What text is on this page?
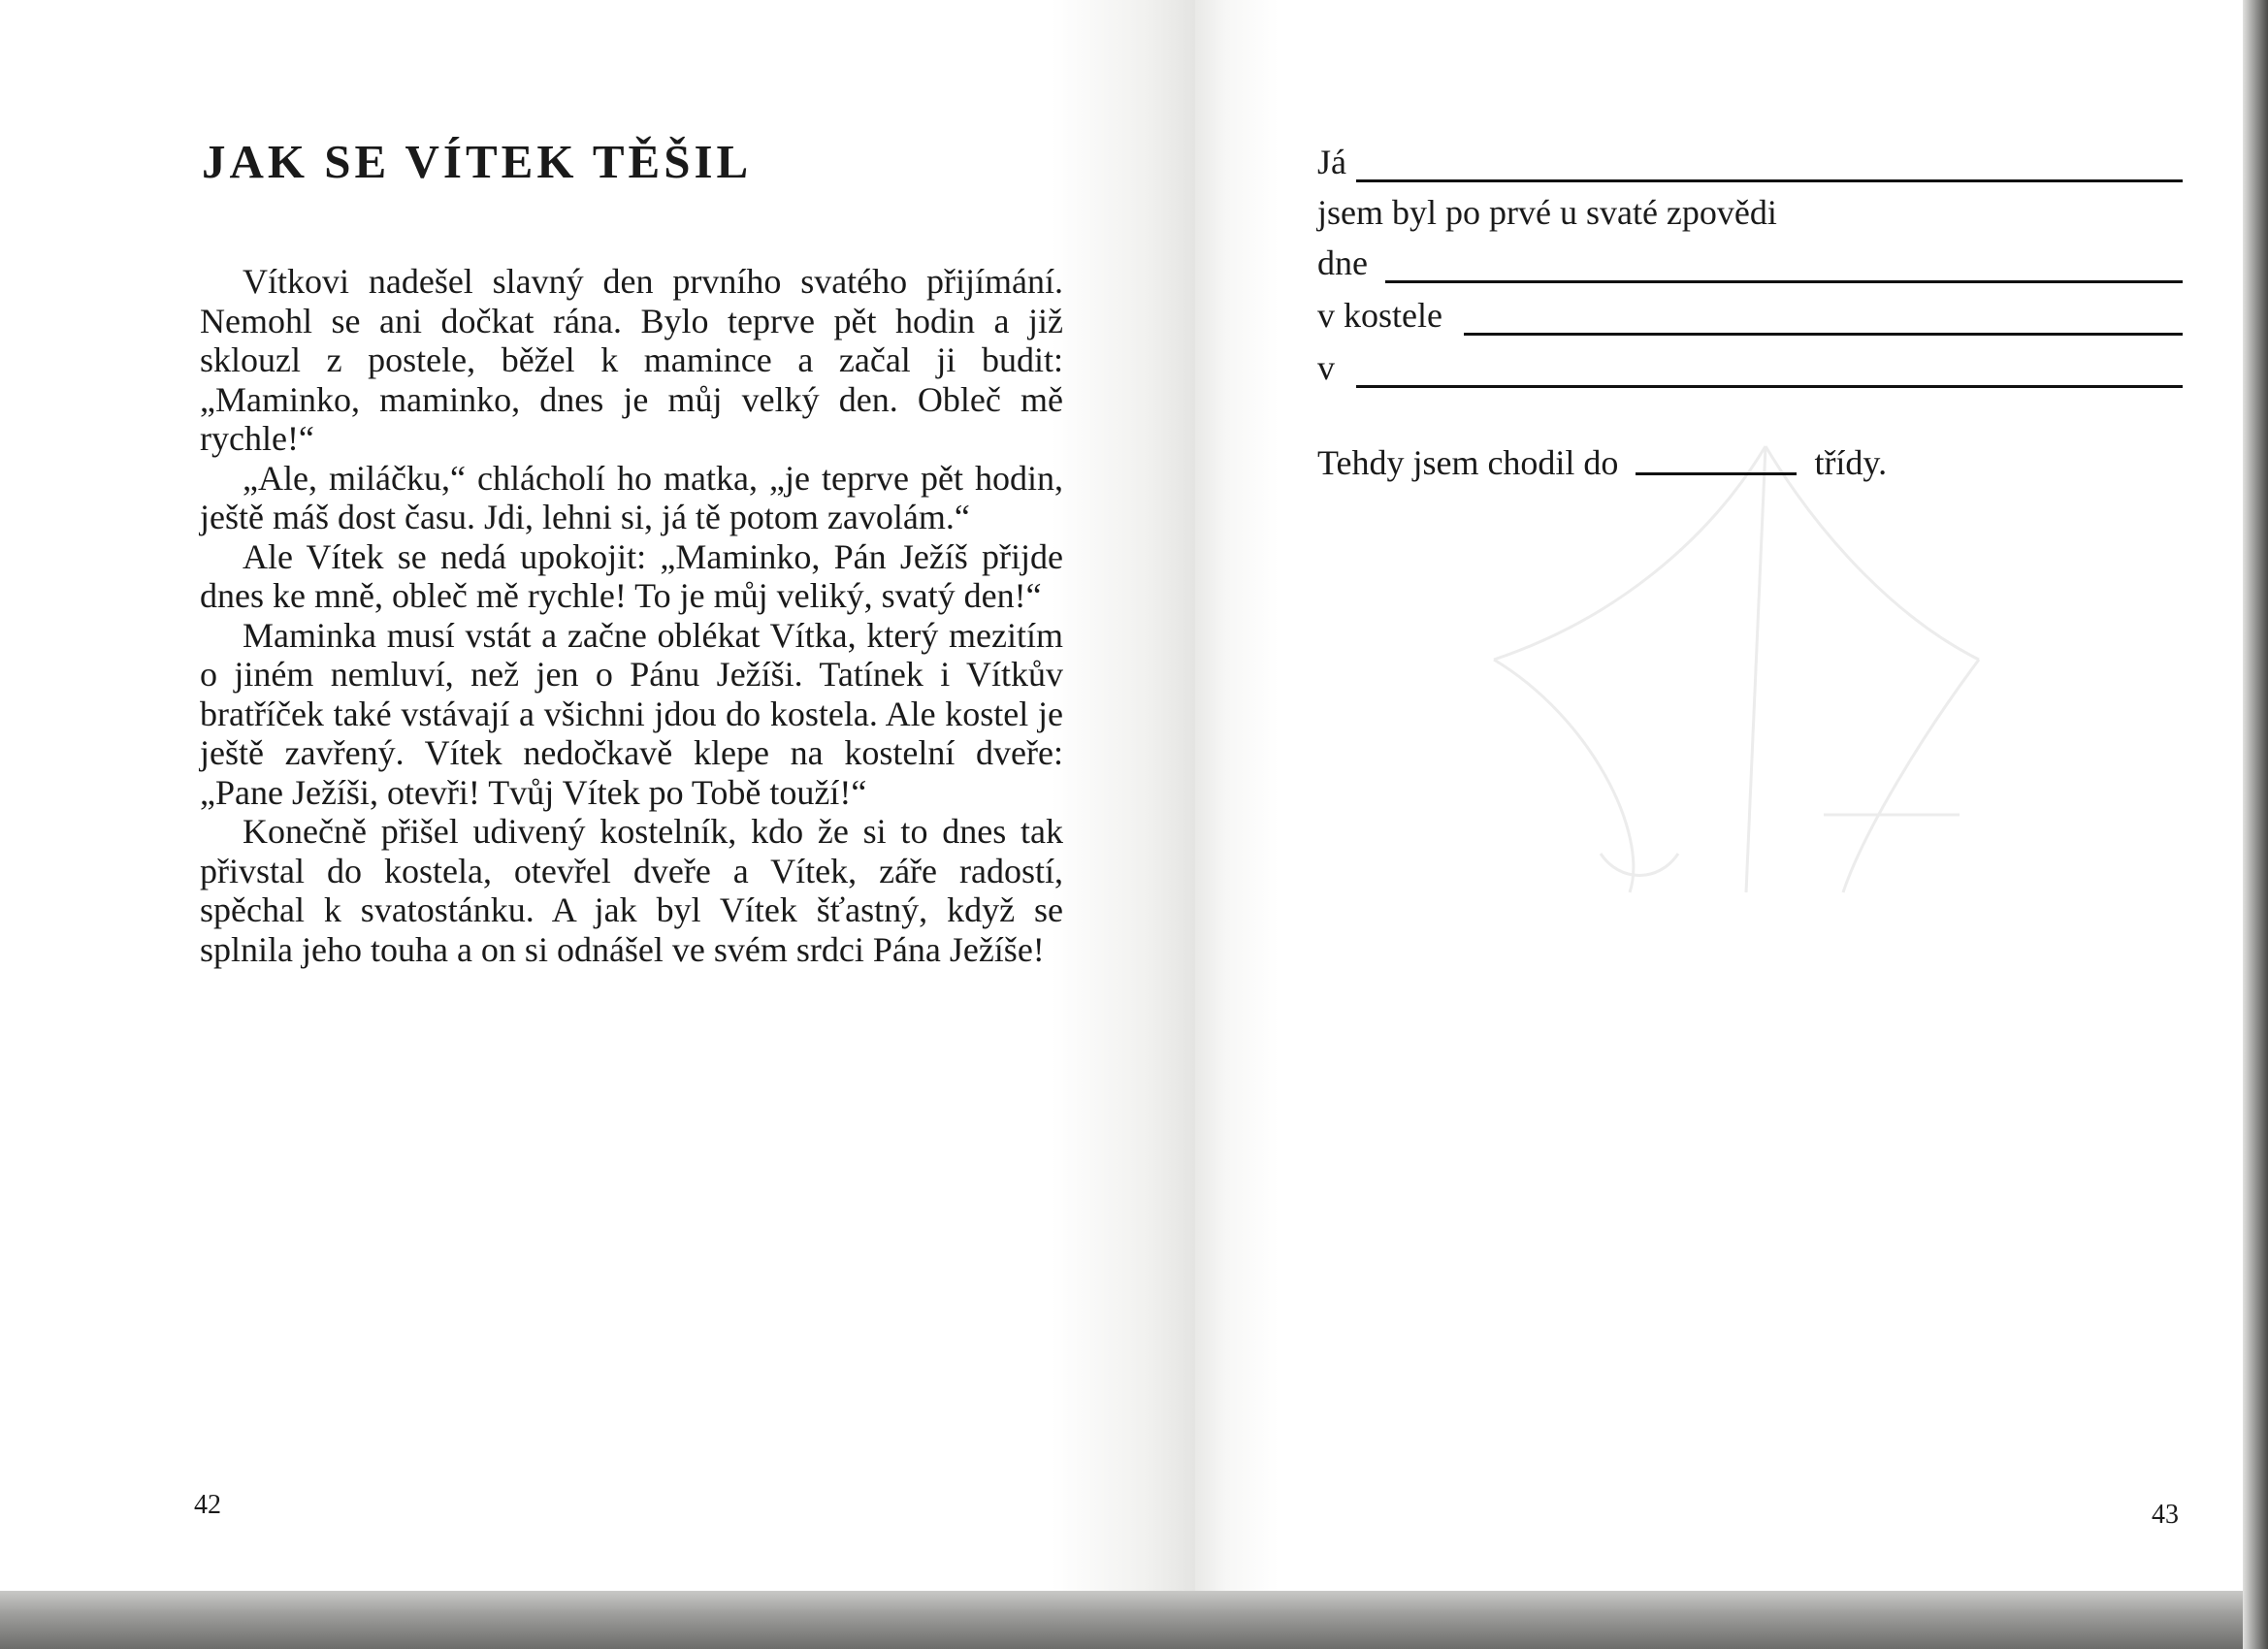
JAK SE VÍTEK TĚŠIL

Vítkovi nadešel slavný den prvního svatého přijímání. Nemohl se ani dočkat rána. Bylo teprve pět hodin a již sklouzl z postele, běžel k mamince a začal ji budit: „Maminko, maminko, dnes je můj velký den. Obleč mě rychle!“

„Ale, miláčku,“ chlácholí ho matka, „je teprve pět hodin, ještě máš dost času. Jdi, lehni si, já tě potom zavolám.“

Ale Vítek se nedá upokojit: „Maminko, Pán Ježíš přijde dnes ke mně, obleč mě rychle! To je můj veliký, svatý den!“

Maminka musí vstát a začne oblékat Vítka, který mezitím o jiném nemluví, než jen o Pánu Ježíši. Tatínek i Vítkův bratříček také vstávají a všichni jdou do kostela. Ale kostel je ještě zavřený. Vítek nedočkavě klepe na kostelní dveře: „Pane Ježíši, otevři! Tvůj Vítek po Tobě touží!“

Konečně přišel udivený kostelník, kdo že si to dnes tak přivstal do kostela, otevřel dveře a Vítek, záře radostí, spěchal k svatostánku. A jak byl Vítek šťastný, když se splnila jeho touha a on si odnášel ve svém srdci Pána Ježíše!

42
Já
jsem byl po prvé u svaté zpovědi
dne
v kostele
v
Tehdy jsem chodil do	třídy.
43
